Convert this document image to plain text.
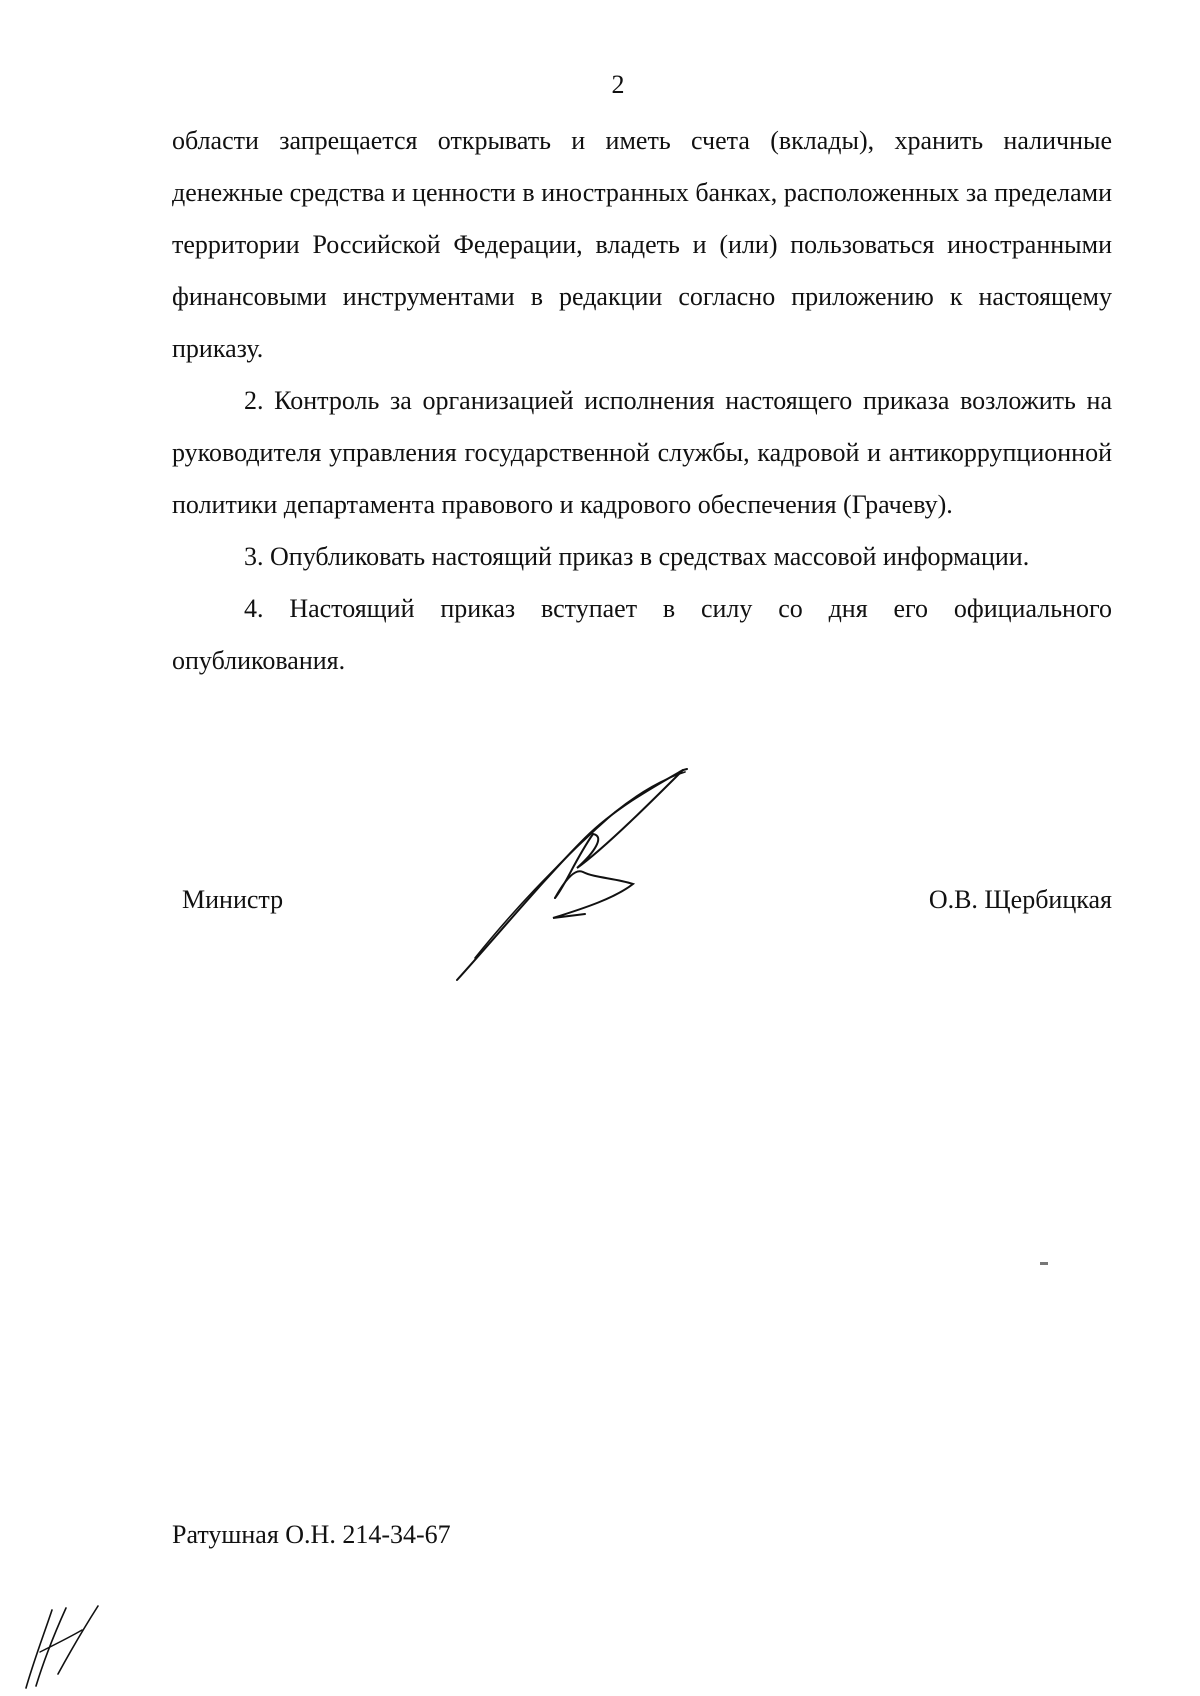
2

области запрещается открывать и иметь счета (вклады), хранить наличные денежные средства и ценности в иностранных банках, расположенных за пределами территории Российской Федерации, владеть и (или) пользоваться иностранными финансовыми инструментами в редакции согласно приложению к настоящему приказу.

2. Контроль за организацией исполнения настоящего приказа возложить на руководителя управления государственной службы, кадровой и антикоррупционной политики департамента правового и кадрового обеспечения (Грачеву).

3. Опубликовать настоящий приказ в средствах массовой информации.

4. Настоящий приказ вступает в силу со дня его официального опубликования.

Министр	О.В. Щербицкая
Ратушная О.Н. 214-34-67
